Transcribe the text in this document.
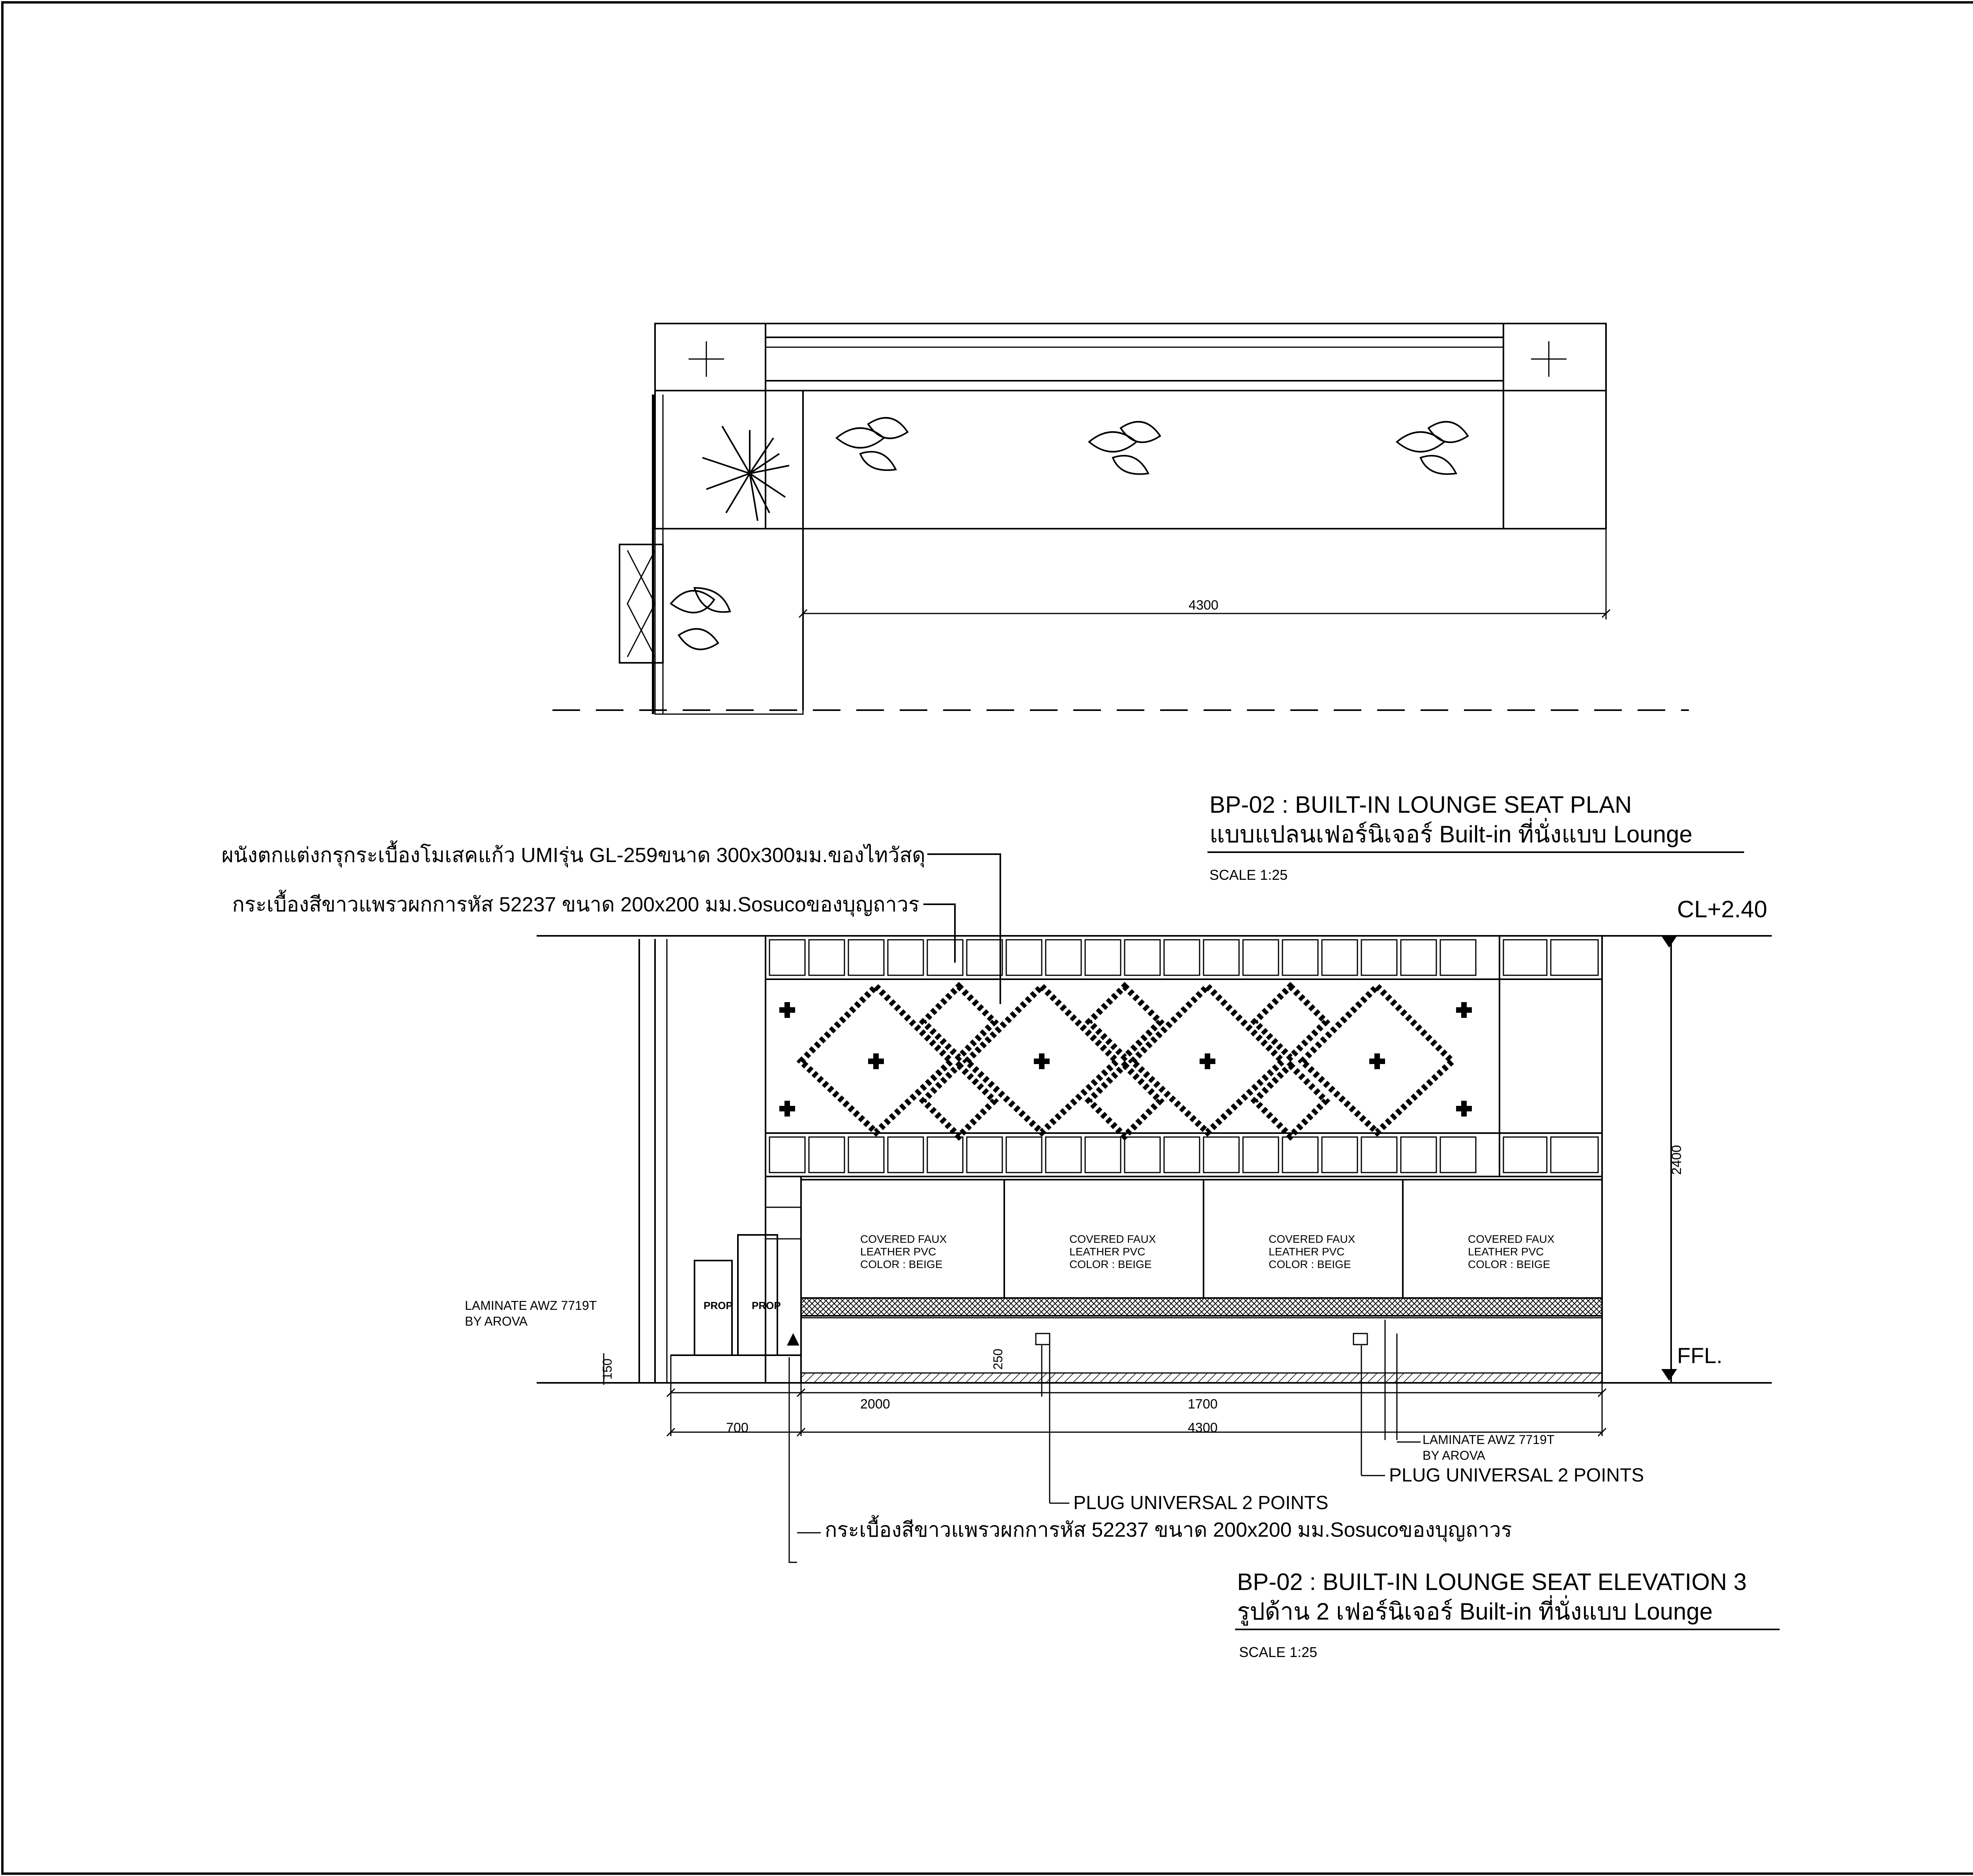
4300
BP-02 : BUILT-IN LOUNGE SEAT PLAN
แบบแปลนเฟอร์นิเจอร์ Built-in ที่นั่งแบบ Lounge
SCALE 1:25
ผนังตกแต่งกรุกระเบื้องโมเสคแก้ว UMIรุ่น GL-259ขนาด 300x300มม.ของไทวัสดุ
กระเบื้องสีขาวแพรวผกการหัส 52237 ขนาด 200x200 มม.Sosucoของบุญถาวร
COVERED FAUX
LEATHER PVC
COLOR : BEIGE
COVERED FAUX
LEATHER PVC
COLOR : BEIGE
COVERED FAUX
LEATHER PVC
COLOR : BEIGE
COVERED FAUX
LEATHER PVC
COLOR : BEIGE
PROP PROP
LAMINATE AWZ 7719T
BY AROVA
CL+2.40
FFL.
2400
150	250
2000	1700
700	4300
LAMINATE AWZ 7719T
BY AROVA
PLUG UNIVERSAL 2 POINTS
PLUG UNIVERSAL 2 POINTS
กระเบื้องสีขาวแพรวผกการหัส 52237 ขนาด 200x200 มม.Sosucoของบุญถาวร
BP-02 : BUILT-IN LOUNGE SEAT ELEVATION 3
รูปด้าน 2 เฟอร์นิเจอร์ Built-in ที่นั่งแบบ Lounge
SCALE 1:25
